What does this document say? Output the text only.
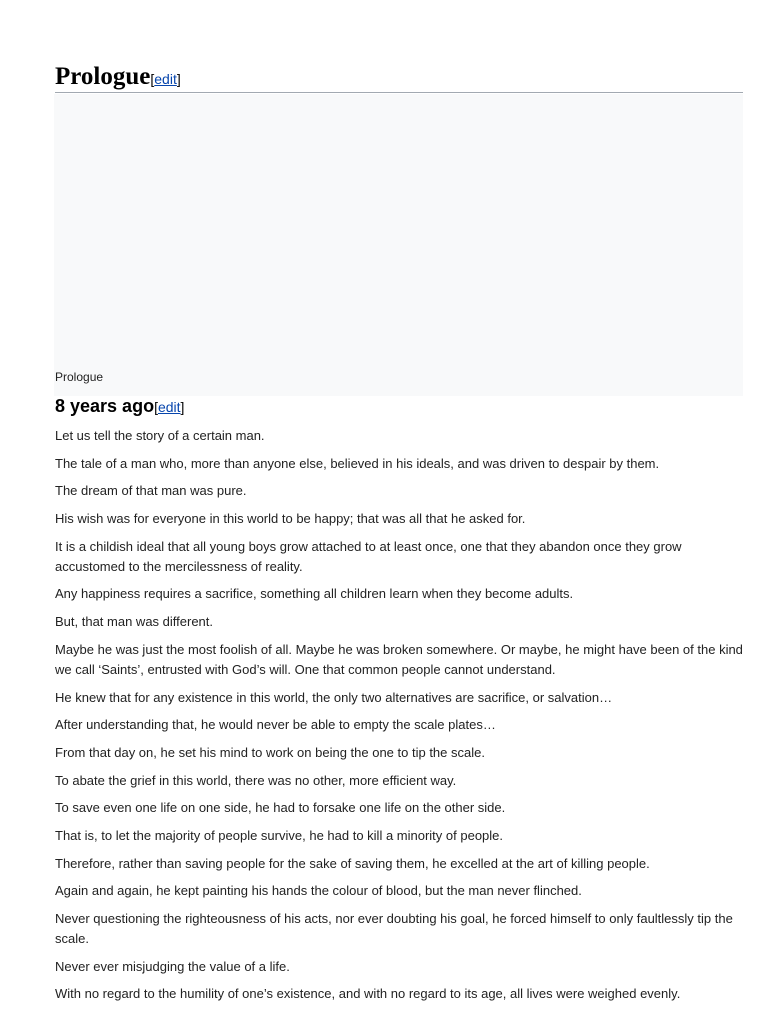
Prologue[edit]
Prologue
8 years ago[edit]

Let us tell the story of a certain man.

The tale of a man who, more than anyone else, believed in his ideals, and was driven to despair by them.

The dream of that man was pure.

His wish was for everyone in this world to be happy; that was all that he asked for.

It is a childish ideal that all young boys grow attached to at least once, one that they abandon once they grow accustomed to the mercilessness of reality.

Any happiness requires a sacrifice, something all children learn when they become adults.

But, that man was different.

Maybe he was just the most foolish of all. Maybe he was broken somewhere. Or maybe, he might have been of the kind we call ‘Saints’, entrusted with God’s will. One that common people cannot understand.

He knew that for any existence in this world, the only two alternatives are sacrifice, or salvation…

After understanding that, he would never be able to empty the scale plates…

From that day on, he set his mind to work on being the one to tip the scale.

To abate the grief in this world, there was no other, more efficient way.

To save even one life on one side, he had to forsake one life on the other side.

That is, to let the majority of people survive, he had to kill a minority of people.

Therefore, rather than saving people for the sake of saving them, he excelled at the art of killing people.

Again and again, he kept painting his hands the colour of blood, but the man never flinched.

Never questioning the righteousness of his acts, nor ever doubting his goal, he forced himself to only faultlessly tip the scale.

Never ever misjudging the value of a life.

With no regard to the humility of one’s existence, and with no regard to its age, all lives were weighed evenly.
